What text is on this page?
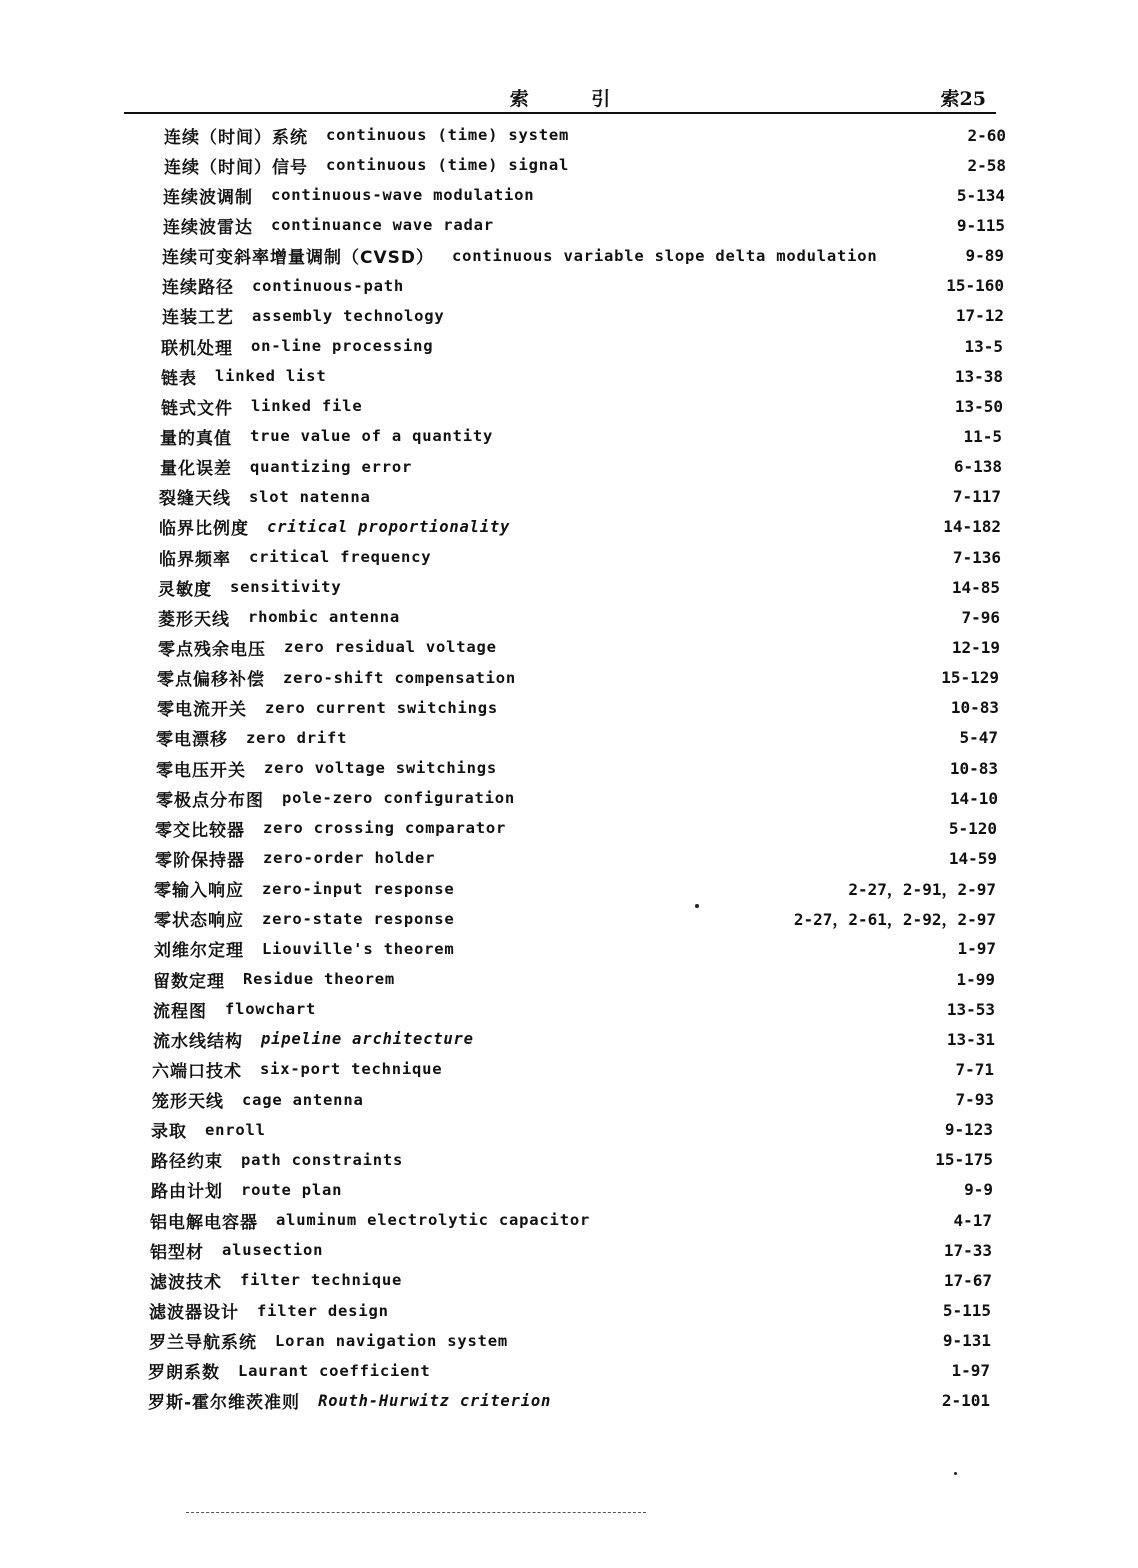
索 引	索25
连续（时间）系统 continuous (time) system	2-60
连续（时间）信号 continuous (time) signal	2-58
连续波调制 continuous-wave modulation	5-134
连续波雷达 continuance wave radar	9-115
连续可变斜率增量调制（CVSD） continuous variable slope delta modulation	9-89
连续路径 continuous-path	15-160
连装工艺 assembly technology	17-12
联机处理 on-line processing	13-5
链表 linked list	13-38
链式文件 linked file	13-50
量的真值 true value of a quantity	11-5
量化误差 quantizing error	6-138
裂缝天线 slot natenna	7-117
临界比例度 critical proportionality	14-182
临界频率 critical frequency	7-136
灵敏度 sensitivity	14-85
菱形天线 rhombic antenna	7-96
零点残余电压 zero residual voltage	12-19
零点偏移补偿 zero-shift compensation	15-129
零电流开关 zero current switchings	10-83
零电漂移 zero drift	5-47
零电压开关 zero voltage switchings	10-83
零极点分布图 pole-zero configuration	14-10
零交比较器 zero crossing comparator	5-120
零阶保持器 zero-order holder	14-59
零输入响应 zero-input response	2-27，2-91，2-97
零状态响应 zero-state response	2-27，2-61，2-92，2-97
刘维尔定理 Liouville's theorem	1-97
留数定理 Residue theorem	1-99
流程图 flowchart	13-53
流水线结构 pipeline architecture	13-31
六端口技术 six-port technique	7-71
笼形天线 cage antenna	7-93
录取 enroll	9-123
路径约束 path constraints	15-175
路由计划 route plan	9-9
铝电解电容器 aluminum electrolytic capacitor	4-17
铝型材 alusection	17-33
滤波技术 filter technique	17-67
滤波器设计 filter design	5-115
罗兰导航系统 Loran navigation system	9-131
罗朗系数 Laurant coefficient	1-97
罗斯-霍尔维茨准则 Routh-Hurwitz criterion	2-101
